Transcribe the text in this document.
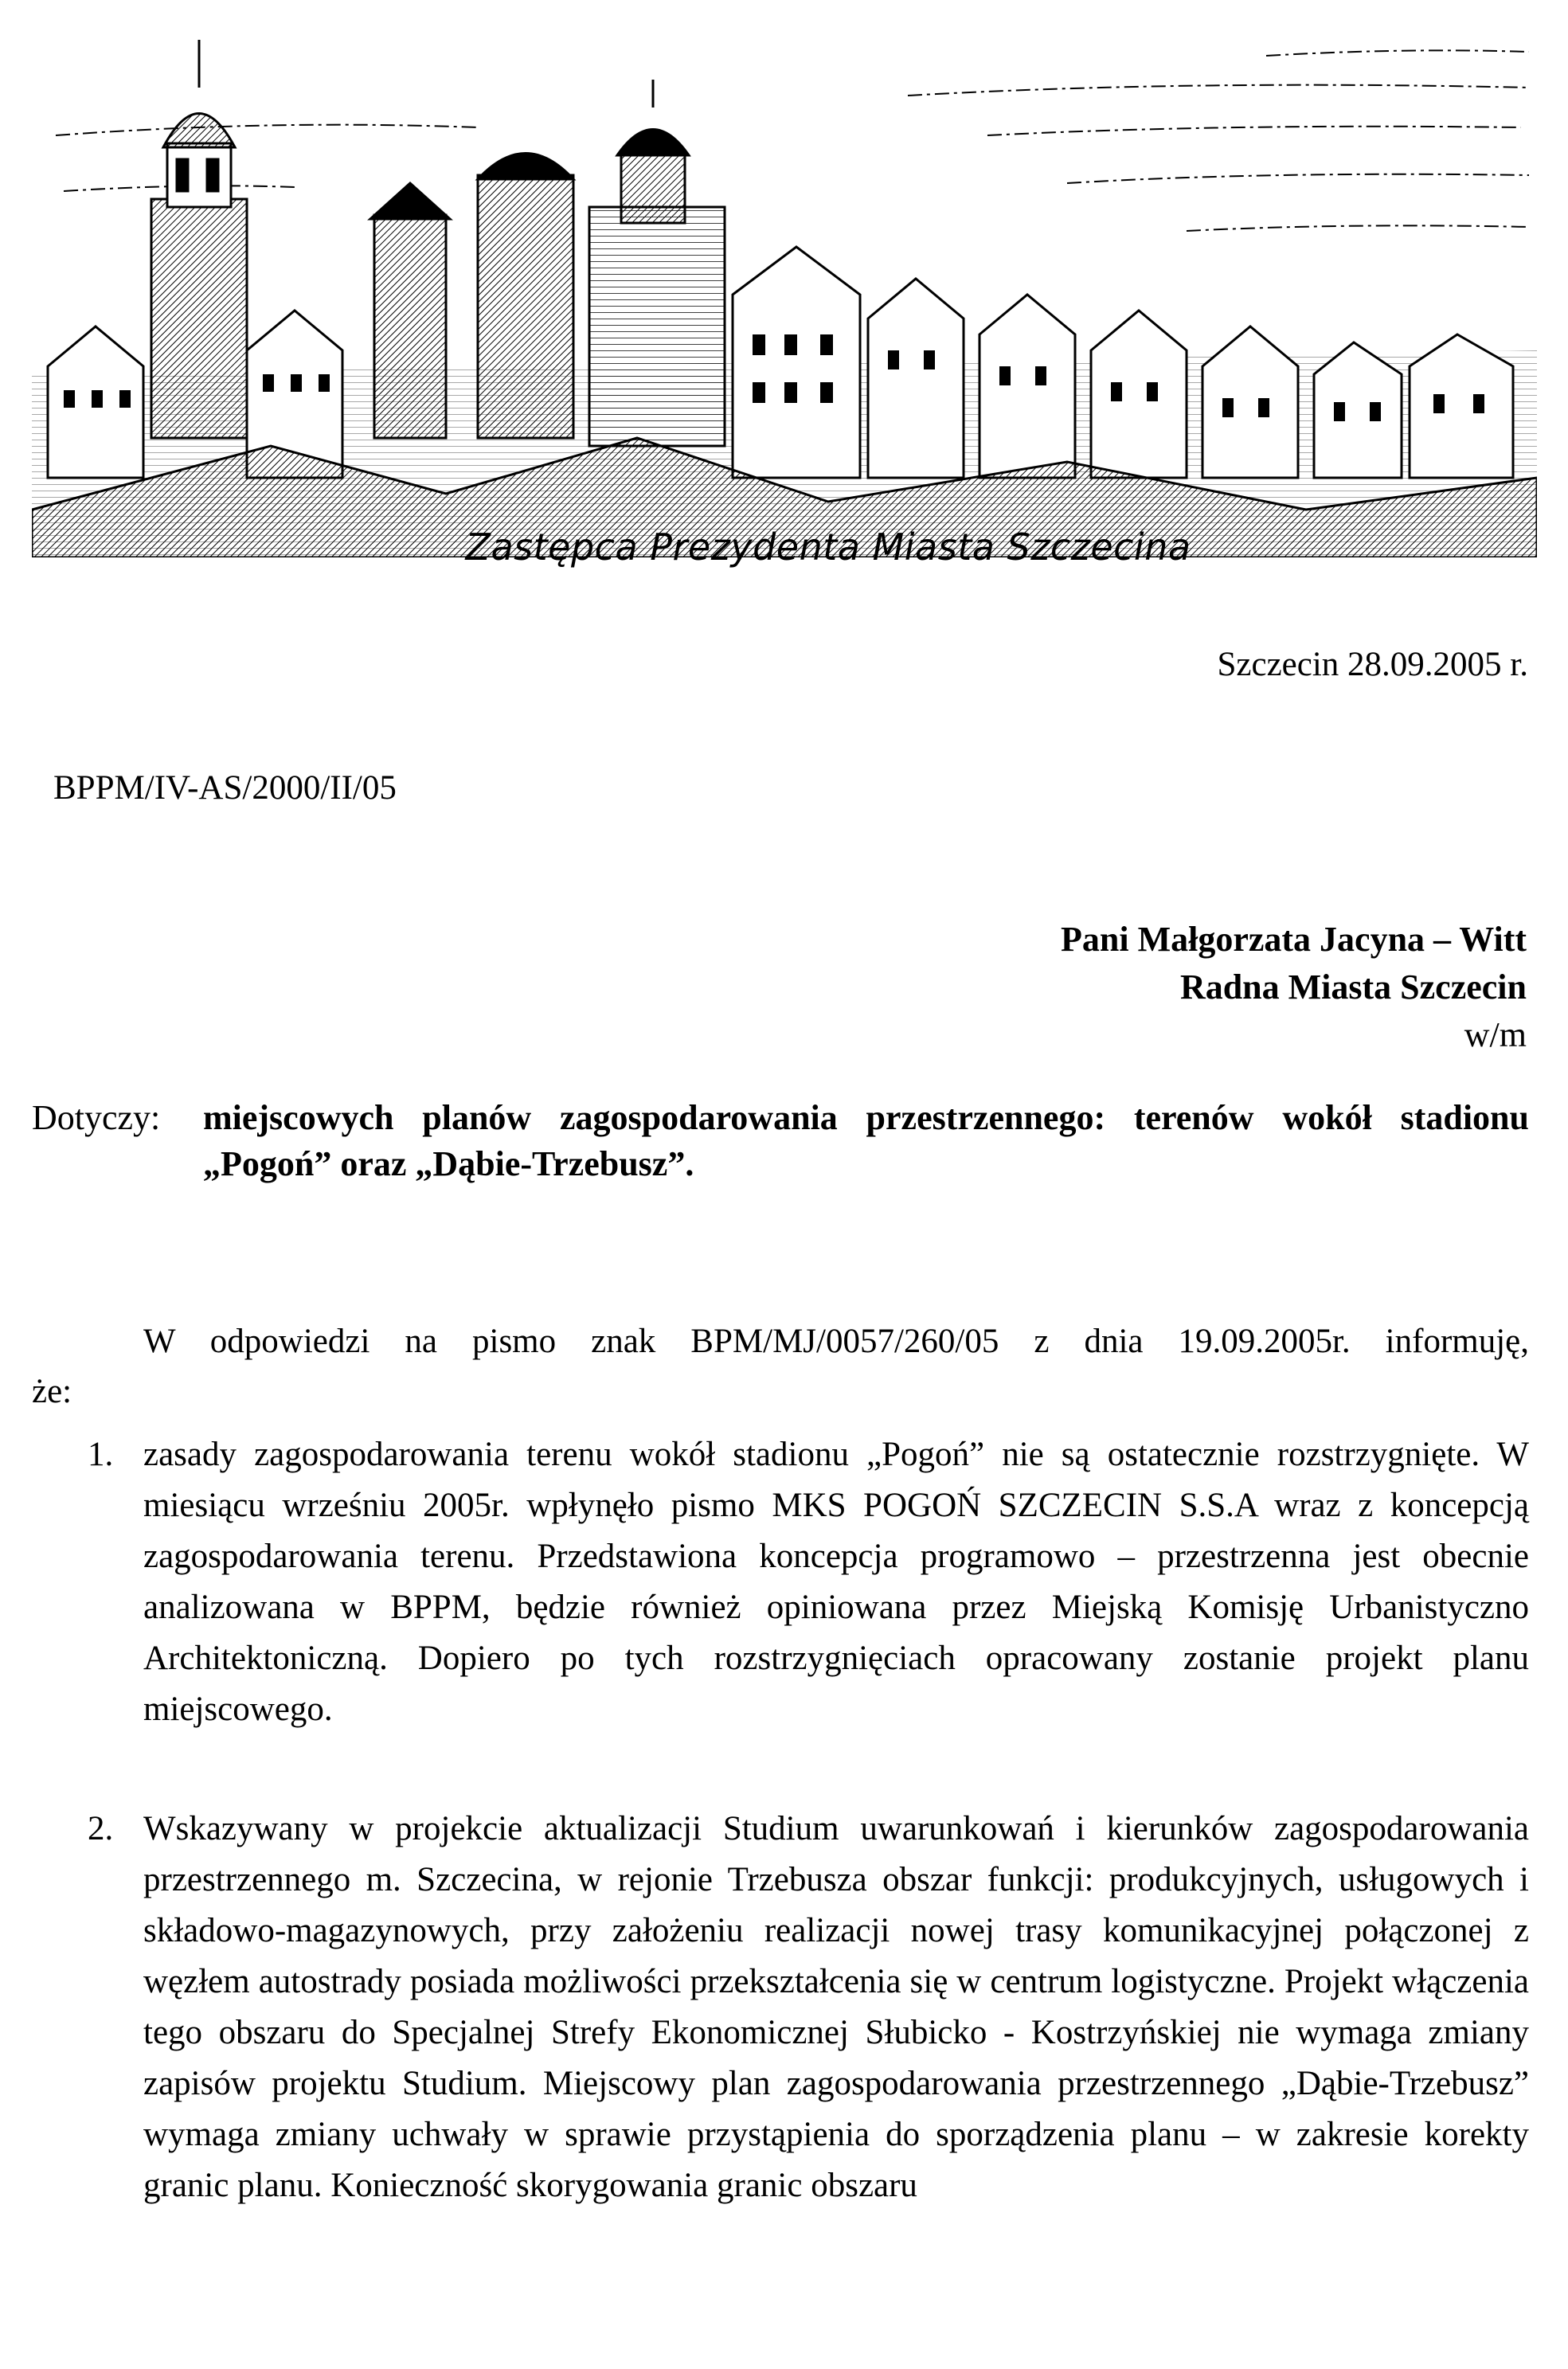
Zastępca Prezydenta Miasta Szczecina
Szczecin 28.09.2005 r.
BPPM/IV-AS/2000/II/05
Pani Małgorzata Jacyna – Witt
Radna Miasta Szczecin
w/m
Dotyczy: miejscowych planów zagospodarowania przestrzennego: terenów wokół stadionu „Pogoń” oraz „Dąbie-Trzebusz”.
W odpowiedzi na pismo znak BPM/MJ/0057/260/05 z dnia 19.09.2005r. informuję,
że:
1. zasady zagospodarowania terenu wokół stadionu „Pogoń” nie są ostatecznie rozstrzygnięte. W miesiącu wrześniu 2005r. wpłynęło pismo MKS POGOŃ SZCZECIN S.S.A wraz z koncepcją zagospodarowania terenu. Przedstawiona koncepcja programowo – przestrzenna jest obecnie analizowana w BPPM, będzie również opiniowana przez Miejską Komisję Urbanistyczno Architektoniczną. Dopiero po tych rozstrzygnięciach opracowany zostanie projekt planu miejscowego.
2. Wskazywany w projekcie aktualizacji Studium uwarunkowań i kierunków zagospodarowania przestrzennego m. Szczecina, w rejonie Trzebusza obszar funkcji: produkcyjnych, usługowych i składowo-magazynowych, przy założeniu realizacji nowej trasy komunikacyjnej połączonej z węzłem autostrady posiada możliwości przekształcenia się w centrum logistyczne. Projekt włączenia tego obszaru do Specjalnej Strefy Ekonomicznej Słubicko - Kostrzyńskiej nie wymaga zmiany zapisów projektu Studium. Miejscowy plan zagospodarowania przestrzennego „Dąbie-Trzebusz” wymaga zmiany uchwały w sprawie przystąpienia do sporządzenia planu – w zakresie korekty granic planu. Konieczność skorygowania granic obszaru
